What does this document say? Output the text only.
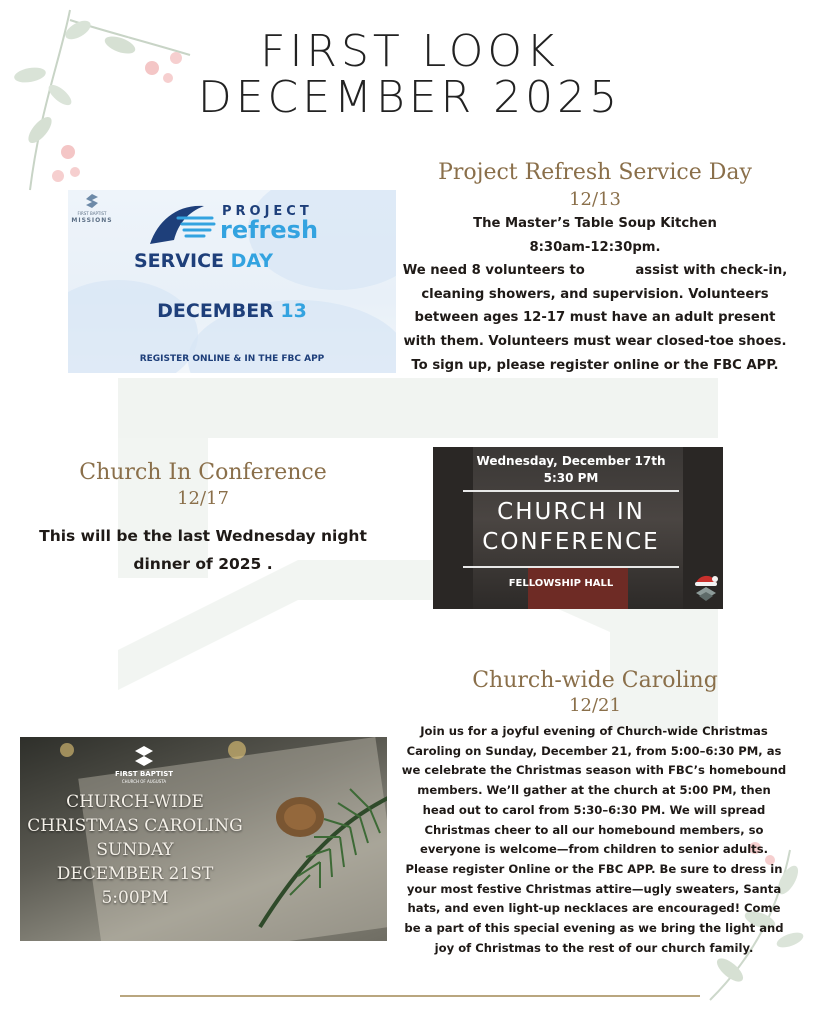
FIRST LOOK
DECEMBER 2025
FIRST BAPTIST
MISSIONS
PROJECT
refresh
SERVICE DAY
DECEMBER 13
REGISTER ONLINE & IN THE FBC APP
Project Refresh Service Day
12/13
The Master’s Table Soup Kitchen
8:30am-12:30pm.
We need 8 volunteers to           assist with check-in,
cleaning showers, and supervision. Volunteers
between ages 12-17 must have an adult present
with them. Volunteers must wear closed-toe shoes.
To sign up, please register online or the FBC APP.
Church In Conference
12/17
This will be the last Wednesday night
dinner of 2025 .
Wednesday, December 17th
5:30 PM
CHURCH IN
CONFERENCE
FELLOWSHIP HALL
Church-wide Caroling
12/21
Join us for a joyful evening of Church-wide Christmas
Caroling on Sunday, December 21, from 5:00–6:30 PM, as
we celebrate the Christmas season with FBC’s homebound
members. We’ll gather at the church at 5:00 PM, then
head out to carol from 5:30–6:30 PM. We will spread
Christmas cheer to all our homebound members, so
everyone is welcome—from children to senior adults.
Please register Online or the FBC APP. Be sure to dress in
your most festive Christmas attire—ugly sweaters, Santa
hats, and even light-up necklaces are encouraged! Come
be a part of this special evening as we bring the light and
joy of Christmas to the rest of our church family.
FIRST BAPTIST
CHURCH OF AUGUSTA
CHURCH-WIDE
CHRISTMAS CAROLING
SUNDAY
DECEMBER 21ST
5:00PM
